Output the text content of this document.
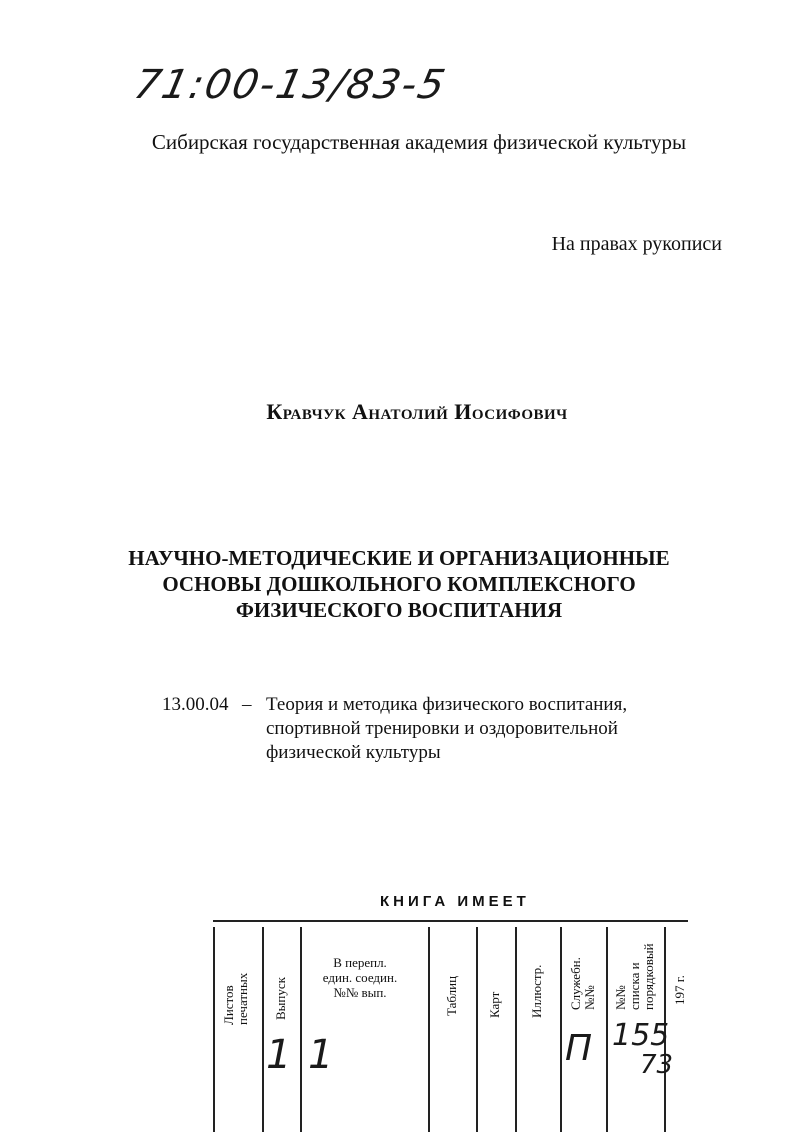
71:00-13/83-5
Сибирская государственная академия физической культуры
На правах рукописи
Кравчук Анатолий Иосифович
НАУЧНО-МЕТОДИЧЕСКИЕ И ОРГАНИЗАЦИОННЫЕ
ОСНОВЫ ДОШКОЛЬНОГО КОМПЛЕКСНОГО
ФИЗИЧЕСКОГО ВОСПИТАНИЯ
13.00.04 – Теория и методика физического воспитания,
спортивной тренировки и оздоровительной
физической культуры
КНИГА ИМЕЕТ
Листов печатных Выпуск
В перепл.
един. соедин.
№№ вып.	Таблиц Карт Иллюстр. Служебн. №№ №№ списка и порядковый 197 г.
1 1	П 155
73
